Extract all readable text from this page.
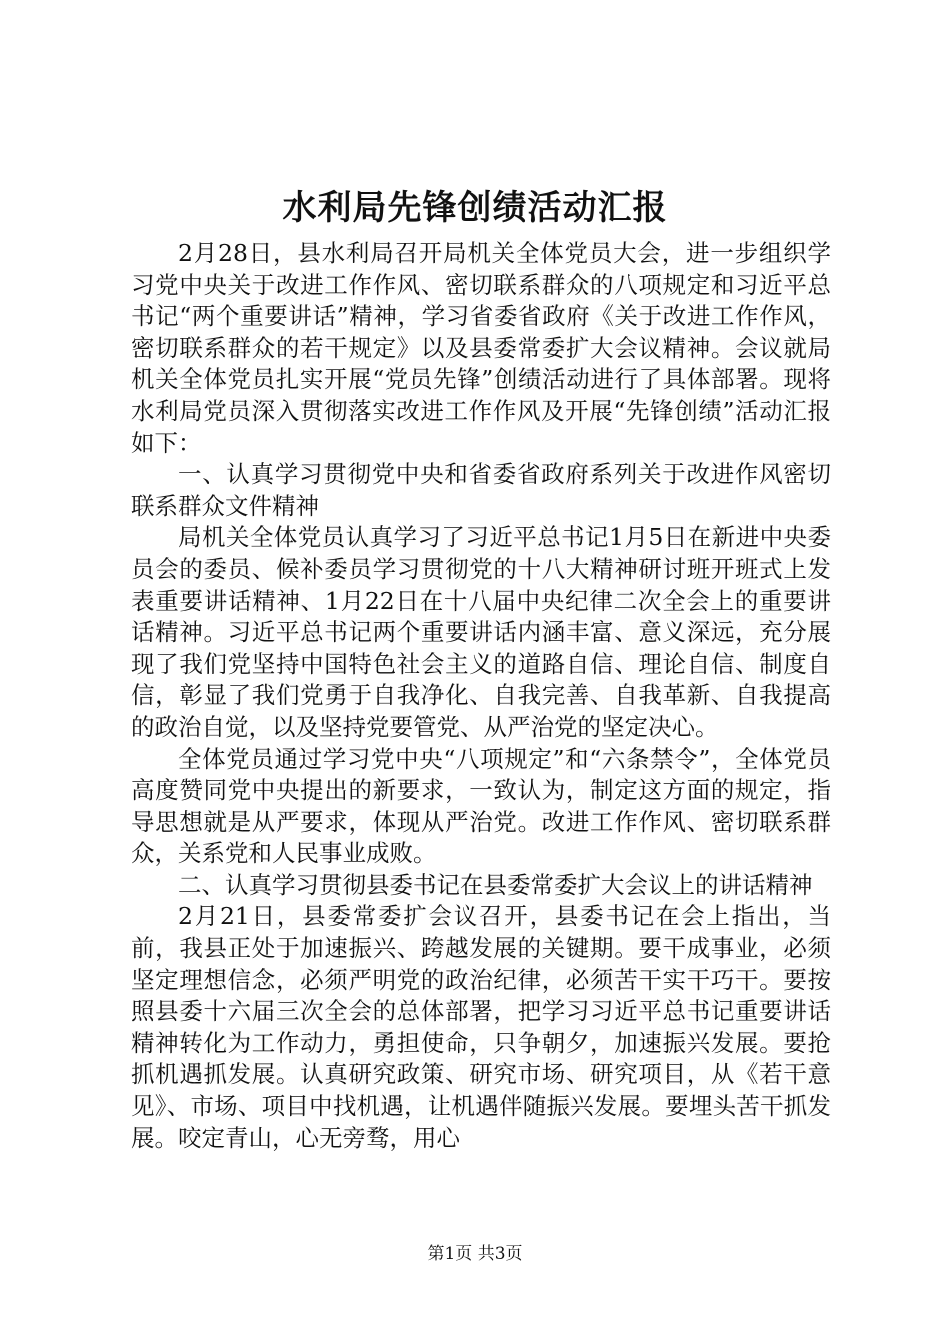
水利局先锋创绩活动汇报

2月28日，县水利局召开局机关全体党员大会，进一步组织学习党中央关于改进工作作风、密切联系群众的八项规定和习近平总书记“两个重要讲话”精神，学习省委省政府《关于改进工作作风，密切联系群众的若干规定》以及县委常委扩大会议精神。会议就局机关全体党员扎实开展“党员先锋”创绩活动进行了具体部署。现将水利局党员深入贯彻落实改进工作作风及开展“先锋创绩”活动汇报如下：

一、认真学习贯彻党中央和省委省政府系列关于改进作风密切联系群众文件精神

局机关全体党员认真学习了习近平总书记1月5日在新进中央委员会的委员、候补委员学习贯彻党的十八大精神研讨班开班式上发表重要讲话精神、1月22日在十八届中央纪律二次全会上的重要讲话精神。习近平总书记两个重要讲话内涵丰富、意义深远，充分展现了我们党坚持中国特色社会主义的道路自信、理论自信、制度自信，彰显了我们党勇于自我净化、自我完善、自我革新、自我提高的政治自觉，以及坚持党要管党、从严治党的坚定决心。

全体党员通过学习党中央“八项规定”和“六条禁令”，全体党员高度赞同党中央提出的新要求，一致认为，制定这方面的规定，指导思想就是从严要求，体现从严治党。改进工作作风、密切联系群众，关系党和人民事业成败。

二、认真学习贯彻县委书记在县委常委扩大会议上的讲话精神

2月21日，县委常委扩会议召开，县委书记在会上指出，当前，我县正处于加速振兴、跨越发展的关键期。要干成事业，必须坚定理想信念，必须严明党的政治纪律，必须苦干实干巧干。要按照县委十六届三次全会的总体部署，把学习习近平总书记重要讲话精神转化为工作动力，勇担使命，只争朝夕，加速振兴发展。要抢抓机遇抓发展。认真研究政策、研究市场、研究项目，从《若干意见》、市场、项目中找机遇，让机遇伴随振兴发展。要埋头苦干抓发展。咬定青山，心无旁骛，用心

第1页 共3页
